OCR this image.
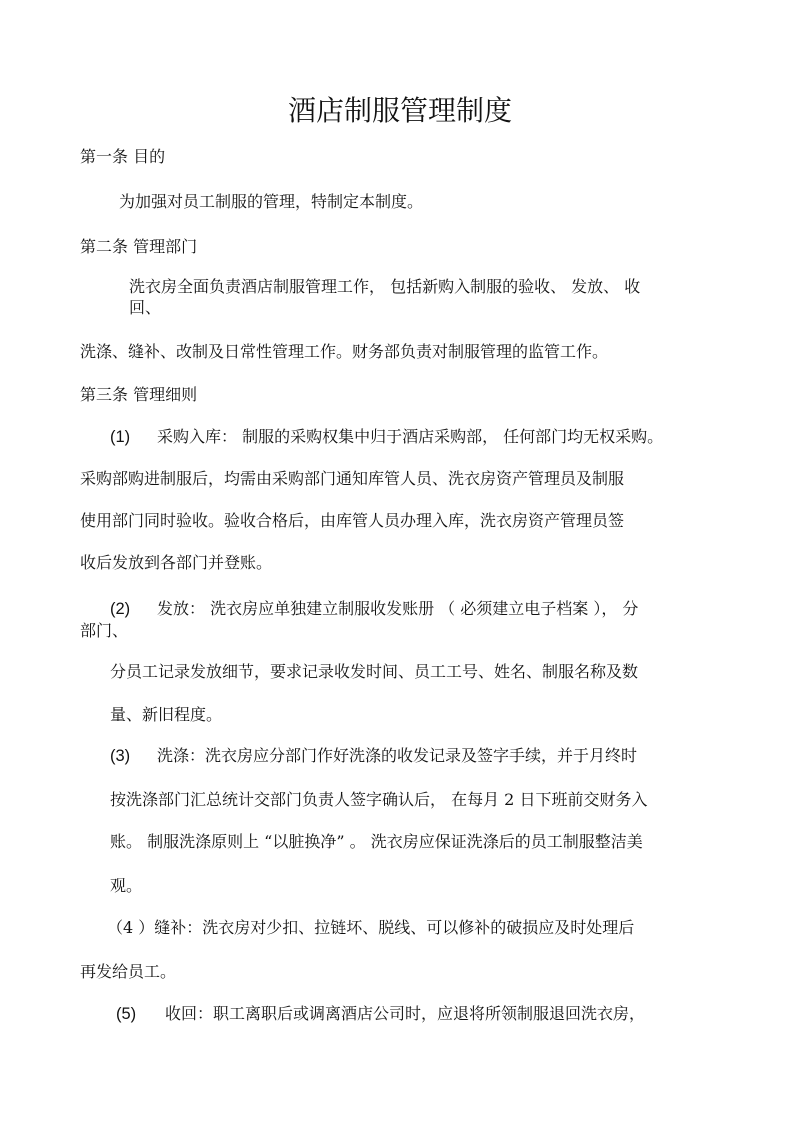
酒店制服管理制度
第一条 目的
为加强对员工制服的管理，特制定本制度。
第二条 管理部门
洗衣房全面负责酒店制服管理工作， 包括新购入制服的验收、 发放、 收
回、
洗涤、缝补、改制及日常性管理工作。财务部负责对制服管理的监管工作。
第三条 管理细则
(1) 采购入库： 制服的采购权集中归于酒店采购部， 任何部门均无权采购。
采购部购进制服后，均需由采购部门通知库管人员、洗衣房资产管理员及制服
使用部门同时验收。验收合格后，由库管人员办理入库，洗衣房资产管理员签
收后发放到各部门并登账。
(2) 发放： 洗衣房应单独建立制服收发账册 （ 必须建立电子档案 ）， 分
部门、
分员工记录发放细节，要求记录收发时间、员工工号、姓名、制服名称及数
量、新旧程度。
(3) 洗涤：洗衣房应分部门作好洗涤的收发记录及签字手续，并于月终时
按洗涤部门汇总统计交部门负责人签字确认后， 在每月 2 日下班前交财务入
账。 制服洗涤原则上 “以脏换净” 。 洗衣房应保证洗涤后的员工制服整洁美
观。
（4 ）缝补：洗衣房对少扣、拉链坏、脱线、可以修补的破损应及时处理后
再发给员工。
(5) 收回：职工离职后或调离酒店公司时，应退将所领制服退回洗衣房，
